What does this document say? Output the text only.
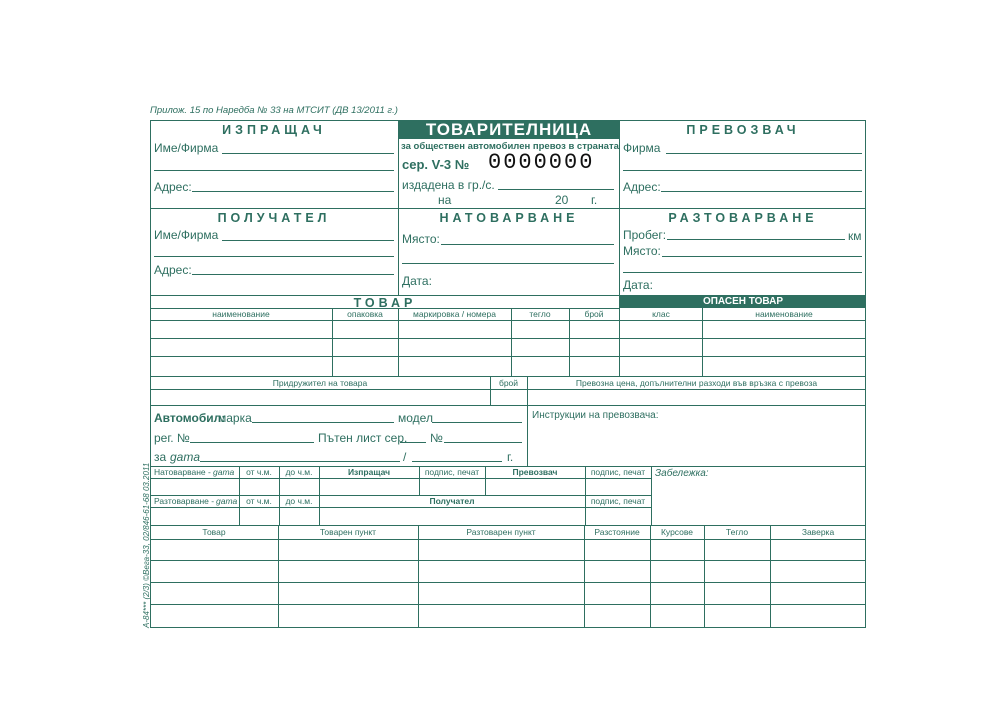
Прилож. 15 по Наредба № 33 на МТСИТ (ДВ 13/2011 г.)
A-84*** (2/3) ©Вега-33, 02/846-61-68 03.2011
ИЗПРАЩАЧ
Име/Фирма
Адрес:
ТОВАРИТЕЛНИЦА
за обществен автомобилен превоз в страната
сер. V-3 № 0000000
издадена в гр./с.
на	20 г.
ПРЕВОЗВАЧ
Фирма
Адрес:
ПОЛУЧАТЕЛ
Име/Фирма
Адрес:
НАТОВАРВАНЕ
Място:
Дата:
РАЗТОВАРВАНЕ
Пробег:	км
Място:
Дата:
ТОВАР	ОПАСЕН ТОВАР
наименование	опаковка	маркировка / номера	тегло	брой	клас	наименование
Придружител на товара	брой	Превозна цена, допълнителни разходи във връзка с превоза
Автомобил:
марка	модел
рег. №	Пътен лист сер. №
за gama	/	г.
Инструкции на превозвача:
Натоварване - gama	от ч.м.	до ч.м.	Изпращач	подпис, печат	Превозвач	подпис, печат
Разтоварване - gama	от ч.м.	до ч.м.	Получател	подпис, печат
Забележка:
Товар	Товарен пункт	Разтоварен пункт	Разстояние	Курсове	Тегло	Заверка
